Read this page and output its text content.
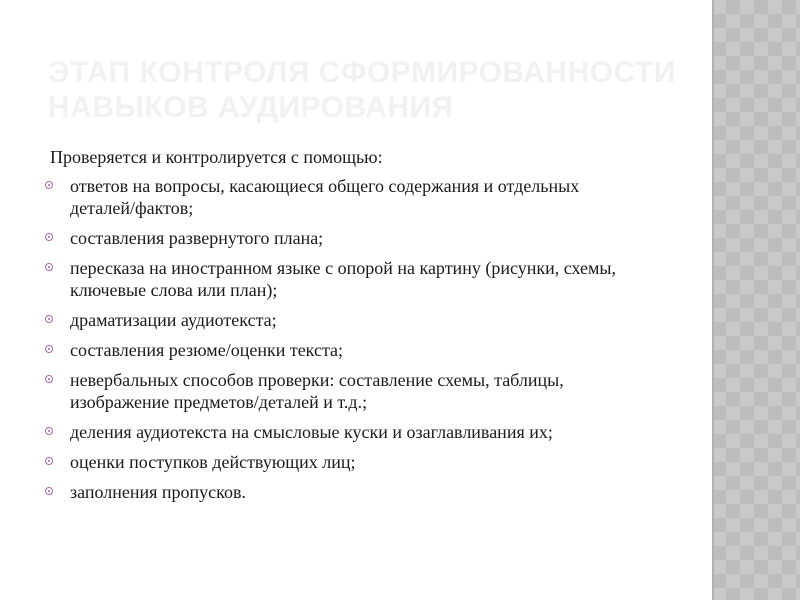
ЭТАП КОНТРОЛЯ СФОРМИРОВАННОСТИ НАВЫКОВ АУДИРОВАНИЯ

Проверяется и контролируется с помощью:

ответов на вопросы, касающиеся общего содержания и отдельных деталей/фактов;
составления развернутого плана;
пересказа на иностранном языке с опорой на картину (рисунки, схемы, ключевые слова или план);
драматизации аудиотекста;
составления резюме/оценки текста;
невербальных способов проверки: составление схемы, таблицы, изображение предметов/деталей и т.д.;
деления аудиотекста на смысловые куски и озаглавливания их;
оценки поступков действующих лиц;
заполнения пропусков.
